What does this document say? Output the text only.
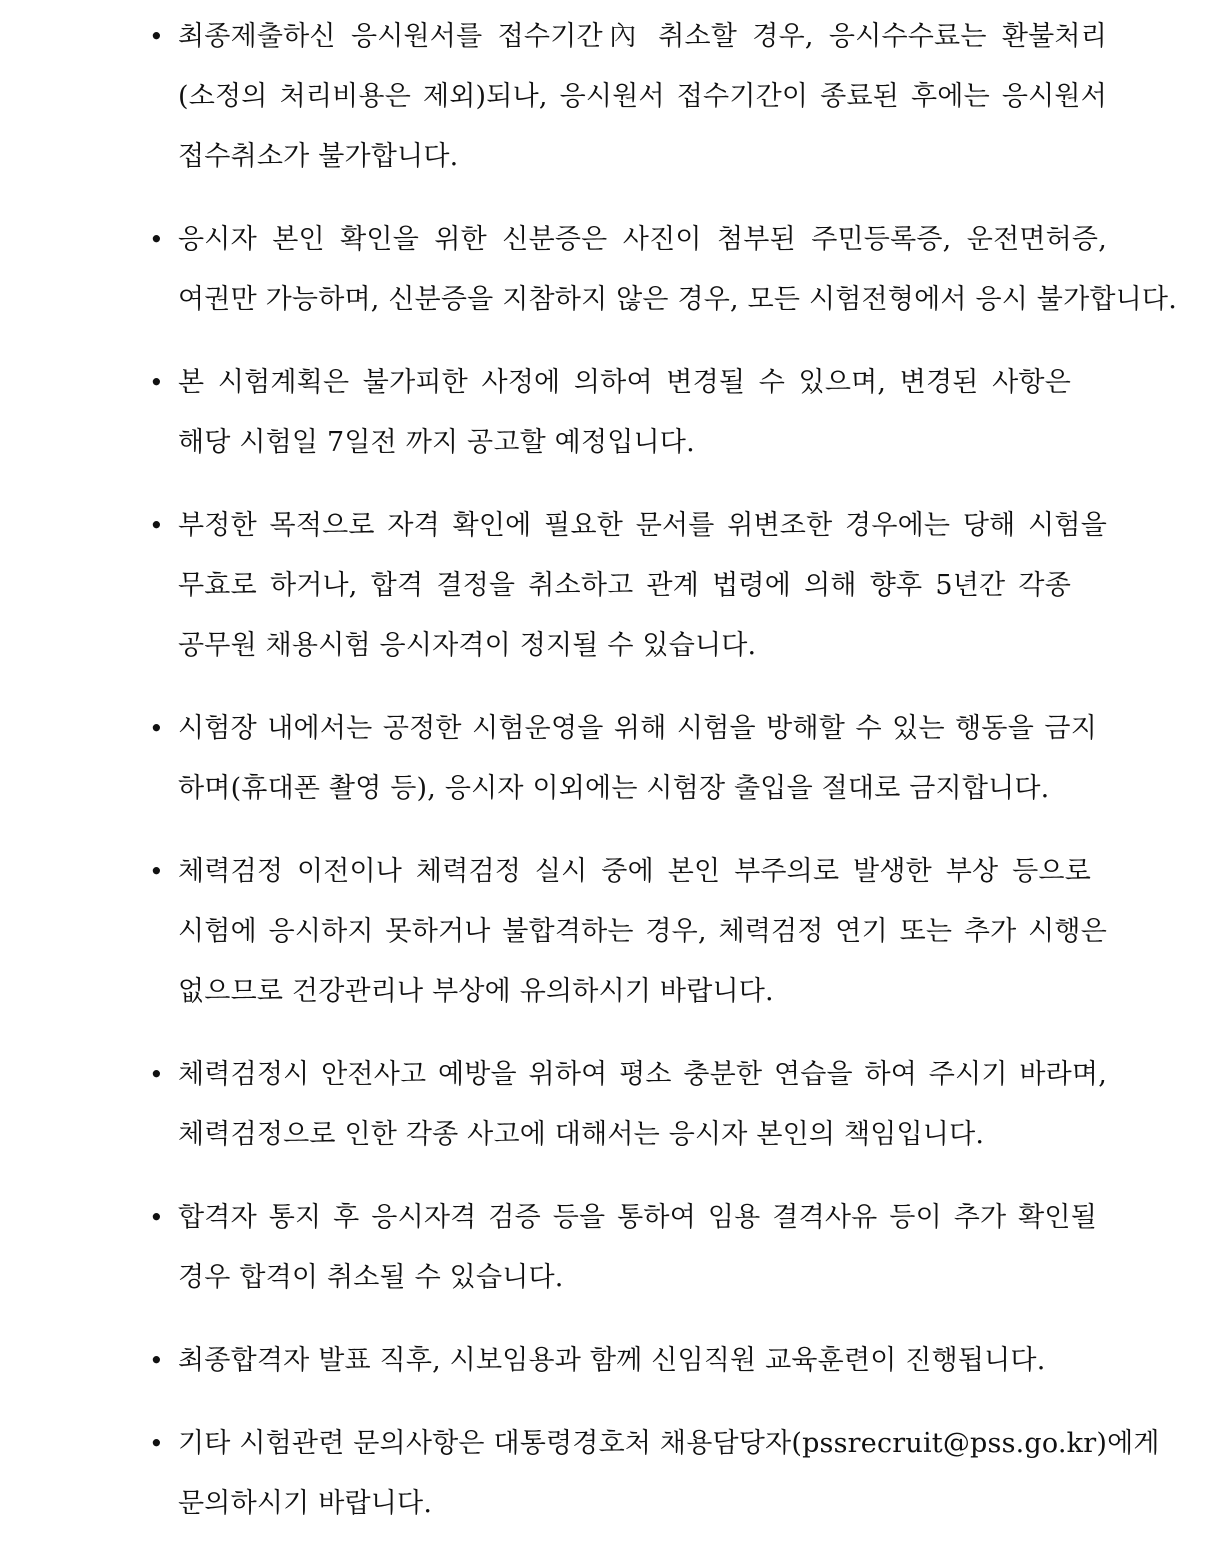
• 최종제출하신 응시원서를 접수기간內 취소할 경우, 응시수수료는 환불처리
(소정의 처리비용은 제외)되나, 응시원서 접수기간이 종료된 후에는 응시원서
접수취소가 불가합니다.
• 응시자 본인 확인을 위한 신분증은 사진이 첨부된 주민등록증, 운전면허증,
여권만 가능하며, 신분증을 지참하지 않은 경우, 모든 시험전형에서 응시 불가합니다.
• 본 시험계획은 불가피한 사정에 의하여 변경될 수 있으며, 변경된 사항은
해당 시험일 7일전 까지 공고할 예정입니다.
• 부정한 목적으로 자격 확인에 필요한 문서를 위변조한 경우에는 당해 시험을
무효로 하거나, 합격 결정을 취소하고 관계 법령에 의해 향후 5년간 각종
공무원 채용시험 응시자격이 정지될 수 있습니다.
• 시험장 내에서는 공정한 시험운영을 위해 시험을 방해할 수 있는 행동을 금지
하며(휴대폰 촬영 등), 응시자 이외에는 시험장 출입을 절대로 금지합니다.
• 체력검정 이전이나 체력검정 실시 중에 본인 부주의로 발생한 부상 등으로
시험에 응시하지 못하거나 불합격하는 경우, 체력검정 연기 또는 추가 시행은
없으므로 건강관리나 부상에 유의하시기 바랍니다.
• 체력검정시 안전사고 예방을 위하여 평소 충분한 연습을 하여 주시기 바라며,
체력검정으로 인한 각종 사고에 대해서는 응시자 본인의 책임입니다.
• 합격자 통지 후 응시자격 검증 등을 통하여 임용 결격사유 등이 추가 확인될
경우 합격이 취소될 수 있습니다.
• 최종합격자 발표 직후, 시보임용과 함께 신임직원 교육훈련이 진행됩니다.
• 기타 시험관련 문의사항은 대통령경호처 채용담당자(pssrecruit@pss.go.kr)에게
문의하시기 바랍니다.
